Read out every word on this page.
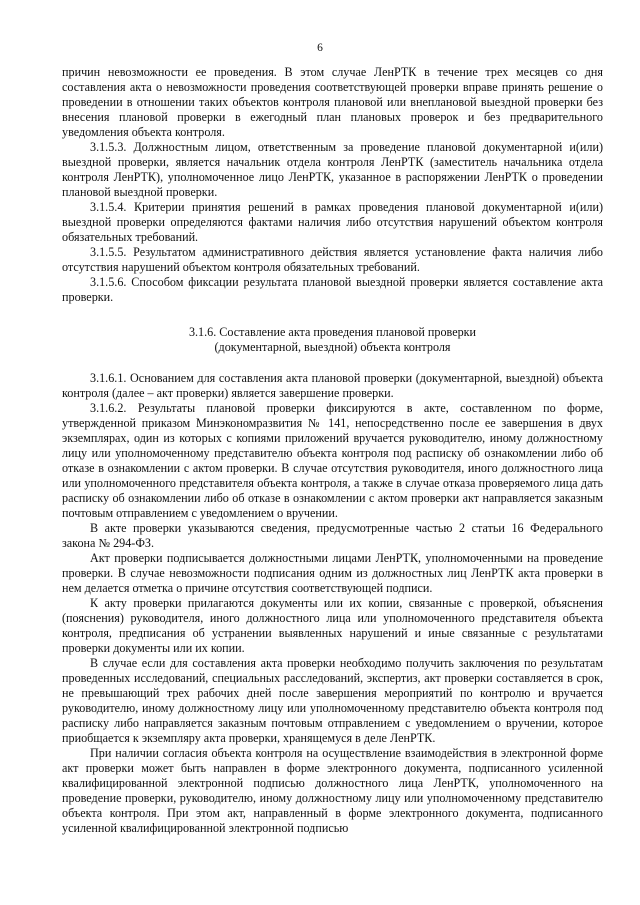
6

причин невозможности ее проведения. В этом случае ЛенРТК в течение трех месяцев со дня составления акта о невозможности проведения соответствующей проверки вправе принять решение о проведении в отношении таких объектов контроля плановой или внеплановой выездной проверки без внесения плановой проверки в ежегодный план плановых проверок и без предварительного уведомления объекта контроля.

3.1.5.3. Должностным лицом, ответственным за проведение плановой документарной и(или) выездной проверки, является начальник отдела контроля ЛенРТК (заместитель начальника отдела контроля ЛенРТК), уполномоченное лицо ЛенРТК, указанное в распоряжении ЛенРТК о проведении плановой выездной проверки.

3.1.5.4. Критерии принятия решений в рамках проведения плановой документарной и(или) выездной проверки определяются фактами наличия либо отсутствия нарушений объектом контроля обязательных требований.

3.1.5.5. Результатом административного действия является установление факта наличия либо отсутствия нарушений объектом контроля обязательных требований.

3.1.5.6. Способом фиксации результата плановой выездной проверки является составление акта проверки.

3.1.6. Составление акта проведения плановой проверки
(документарной, выездной) объекта контроля

3.1.6.1. Основанием для составления акта плановой проверки (документарной, выездной) объекта контроля (далее – акт проверки) является завершение проверки.

3.1.6.2. Результаты плановой проверки фиксируются в акте, составленном по форме, утвержденной приказом Минэкономразвития № 141, непосредственно после ее завершения в двух экземплярах, один из которых с копиями приложений вручается руководителю, иному должностному лицу или уполномоченному представителю объекта контроля под расписку об ознакомлении либо об отказе в ознакомлении с актом проверки. В случае отсутствия руководителя, иного должностного лица или уполномоченного представителя объекта контроля, а также в случае отказа проверяемого лица дать расписку об ознакомлении либо об отказе в ознакомлении с актом проверки акт направляется заказным почтовым отправлением с уведомлением о вручении.

В акте проверки указываются сведения, предусмотренные частью 2 статьи 16 Федерального закона № 294-ФЗ.

Акт проверки подписывается должностными лицами ЛенРТК, уполномоченными на проведение проверки. В случае невозможности подписания одним из должностных лиц ЛенРТК акта проверки в нем делается отметка о причине отсутствия соответствующей подписи.

К акту проверки прилагаются документы или их копии, связанные с проверкой, объяснения (пояснения) руководителя, иного должностного лица или уполномоченного представителя объекта контроля, предписания об устранении выявленных нарушений и иные связанные с результатами проверки документы или их копии.

В случае если для составления акта проверки необходимо получить заключения по результатам проведенных исследований, специальных расследований, экспертиз, акт проверки составляется в срок, не превышающий трех рабочих дней после завершения мероприятий по контролю и вручается руководителю, иному должностному лицу или уполномоченному представителю объекта контроля под расписку либо направляется заказным почтовым отправлением с уведомлением о вручении, которое приобщается к экземпляру акта проверки, хранящемуся в деле ЛенРТК.

При наличии согласия объекта контроля на осуществление взаимодействия в электронной форме акт проверки может быть направлен в форме электронного документа, подписанного усиленной квалифицированной электронной подписью должностного лица ЛенРТК, уполномоченного на проведение проверки, руководителю, иному должностному лицу или уполномоченному представителю объекта контроля. При этом акт, направленный в форме электронного документа, подписанного усиленной квалифицированной электронной подписью
